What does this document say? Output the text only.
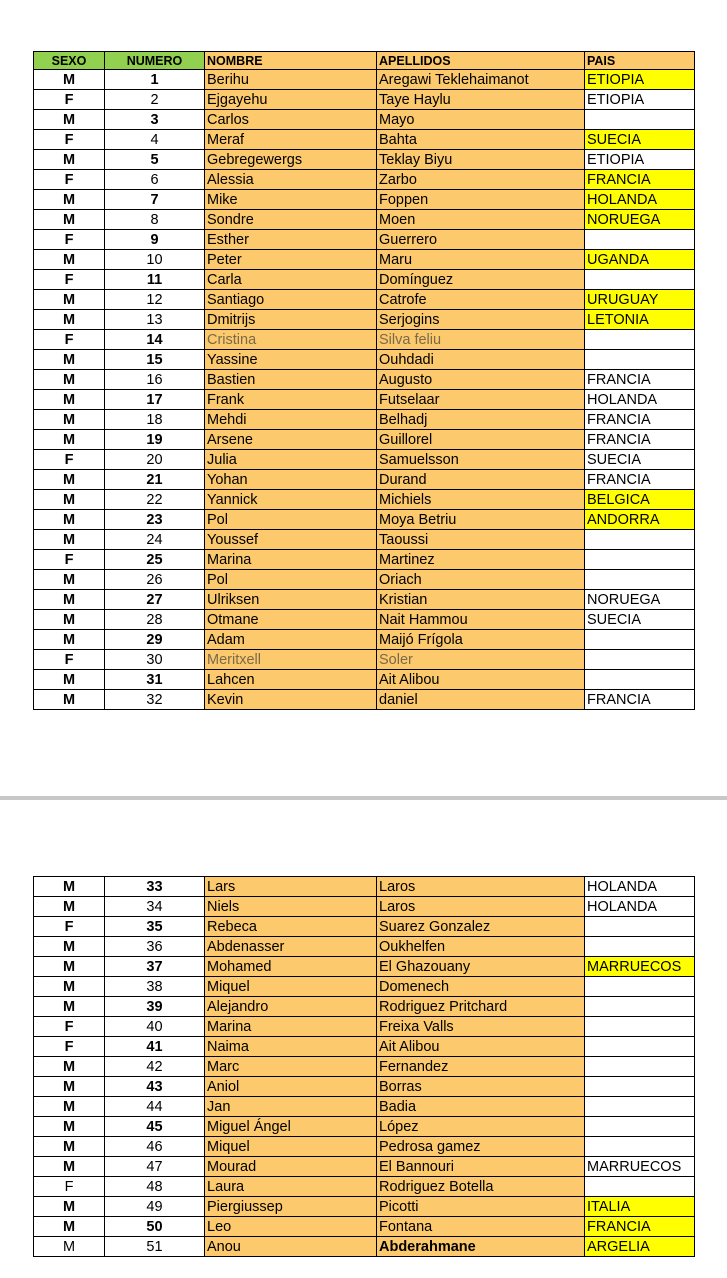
SEXO	NUMERO	NOMBRE	APELLIDOS	PAIS
M	1	Berihu	Aregawi Teklehaimanot	ETIOPIA
F	2	Ejgayehu	Taye Haylu	ETIOPIA
M	3	Carlos	Mayo	
F	4	Meraf	Bahta	SUECIA
M	5	Gebregewergs	Teklay Biyu	ETIOPIA
F	6	Alessia	Zarbo	FRANCIA
M	7	Mike	Foppen	HOLANDA
M	8	Sondre	Moen	NORUEGA
F	9	Esther	Guerrero	
M	10	Peter	Maru	UGANDA
F	11	Carla	Domínguez	
M	12	Santiago	Catrofe	URUGUAY
M	13	Dmitrijs	Serjogins	LETONIA
F	14	Cristina	Silva feliu	
M	15	Yassine	Ouhdadi	
M	16	Bastien	Augusto	FRANCIA
M	17	Frank	Futselaar	HOLANDA
M	18	Mehdi	Belhadj	FRANCIA
M	19	Arsene	Guillorel	FRANCIA
F	20	Julia	Samuelsson	SUECIA
M	21	Yohan	Durand	FRANCIA
M	22	Yannick	Michiels	BELGICA
M	23	Pol	Moya Betriu	ANDORRA
M	24	Youssef	Taoussi	
F	25	Marina	Martinez	
M	26	Pol	Oriach	
M	27	Ulriksen	Kristian	NORUEGA
M	28	Otmane	Nait Hammou	SUECIA
M	29	Adam	Maijó Frígola	
F	30	Meritxell	Soler	
M	31	Lahcen	Ait Alibou	
M	32	Kevin	daniel	FRANCIA
M	33	Lars	Laros	HOLANDA
M	34	Niels	Laros	HOLANDA
F	35	Rebeca	Suarez Gonzalez	
M	36	Abdenasser	Oukhelfen	
M	37	Mohamed	El Ghazouany	MARRUECOS
M	38	Miquel	Domenech	
M	39	Alejandro	Rodriguez Pritchard	
F	40	Marina	Freixa Valls	
F	41	Naima	Ait Alibou	
M	42	Marc	Fernandez	
M	43	Aniol	Borras	
M	44	Jan	Badia	
M	45	Miguel Ángel	López	
M	46	Miquel	Pedrosa gamez	
M	47	Mourad	El Bannouri	MARRUECOS
F	48	Laura	Rodriguez Botella	
M	49	Piergiussep	Picotti	ITALIA
M	50	Leo	Fontana	FRANCIA
M	51	Anou	Abderahmane	ARGELIA
